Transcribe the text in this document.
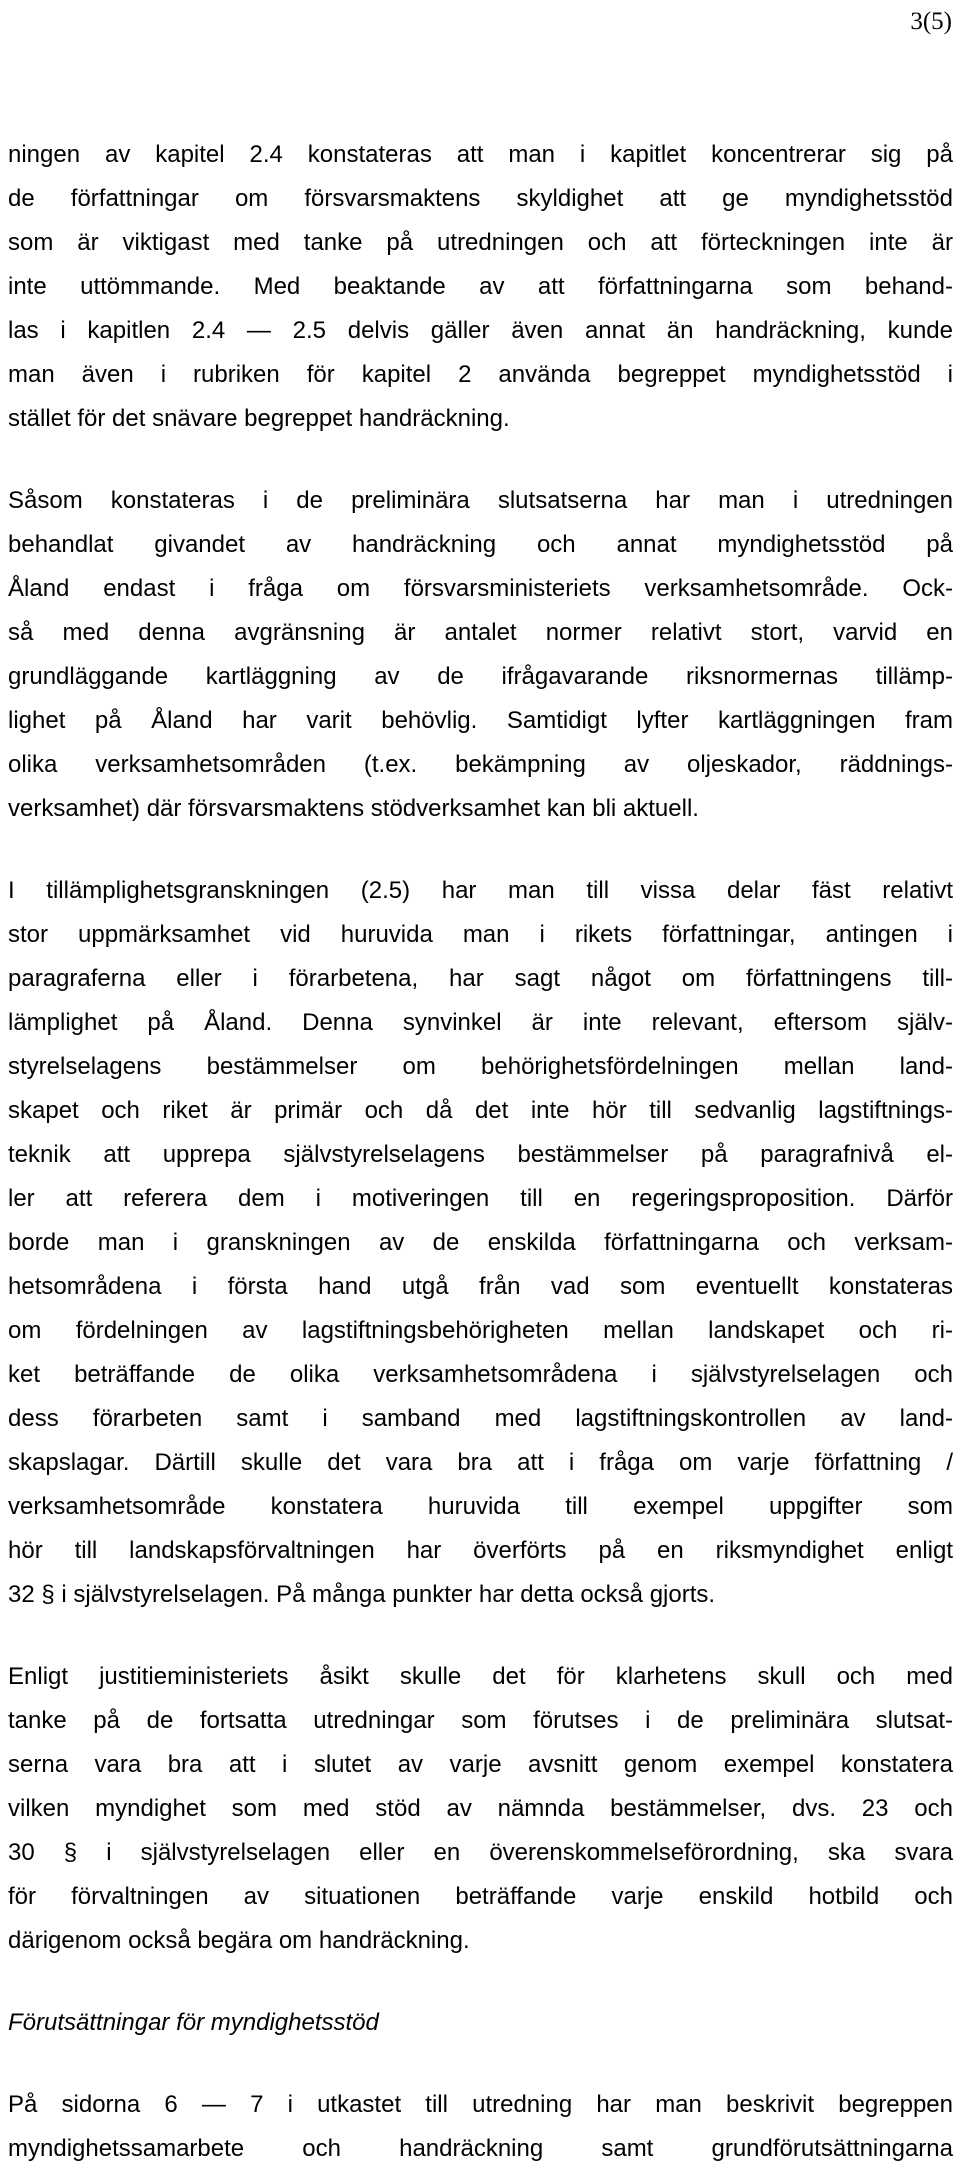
3(5)
ningen av kapitel 2.4 konstateras att man i kapitlet koncentrerar sig på
de författningar om försvarsmaktens skyldighet att ge myndighetsstöd
som är viktigast med tanke på utredningen och att förteckningen inte är
inte uttömmande. Med beaktande av att författningarna som behand-
las i kapitlen 2.4 — 2.5 delvis gäller även annat än handräckning, kunde
man även i rubriken för kapitel 2 använda begreppet myndighetsstöd i
stället för det snävare begreppet handräckning.
Såsom konstateras i de preliminära slutsatserna har man i utredningen
behandlat givandet av handräckning och annat myndighetsstöd på
Åland endast i fråga om försvarsministeriets verksamhetsområde. Ock-
så med denna avgränsning är antalet normer relativt stort, varvid en
grundläggande kartläggning av de ifrågavarande riksnormernas tillämp-
lighet på Åland har varit behövlig. Samtidigt lyfter kartläggningen fram
olika verksamhetsområden (t.ex. bekämpning av oljeskador, räddnings-
verksamhet) där försvarsmaktens stödverksamhet kan bli aktuell.
I tillämplighetsgranskningen (2.5) har man till vissa delar fäst relativt
stor uppmärksamhet vid huruvida man i rikets författningar, antingen i
paragraferna eller i förarbetena, har sagt något om författningens till-
lämplighet på Åland. Denna synvinkel är inte relevant, eftersom själv-
styrelselagens bestämmelser om behörighetsfördelningen mellan land-
skapet och riket är primär och då det inte hör till sedvanlig lagstiftnings-
teknik att upprepa självstyrelselagens bestämmelser på paragrafnivå el-
ler att referera dem i motiveringen till en regeringsproposition. Därför
borde man i granskningen av de enskilda författningarna och verksam-
hetsområdena i första hand utgå från vad som eventuellt konstateras
om fördelningen av lagstiftningsbehörigheten mellan landskapet och ri-
ket beträffande de olika verksamhetsområdena i självstyrelselagen och
dess förarbeten samt i samband med lagstiftningskontrollen av land-
skapslagar. Därtill skulle det vara bra att i fråga om varje författning /
verksamhetsområde konstatera huruvida till exempel uppgifter som
hör till landskapsförvaltningen har överförts på en riksmyndighet enligt
32 § i självstyrelselagen. På många punkter har detta också gjorts.
Enligt justitieministeriets åsikt skulle det för klarhetens skull och med
tanke på de fortsatta utredningar som förutses i de preliminära slutsat-
serna vara bra att i slutet av varje avsnitt genom exempel konstatera
vilken myndighet som med stöd av nämnda bestämmelser, dvs. 23 och
30 § i självstyrelselagen eller en överenskommelseförordning, ska svara
för förvaltningen av situationen beträffande varje enskild hotbild och
därigenom också begära om handräckning.
Förutsättningar för myndighetsstöd
På sidorna 6 — 7 i utkastet till utredning har man beskrivit begreppen
myndighetssamarbete och handräckning samt grundförutsättningarna
